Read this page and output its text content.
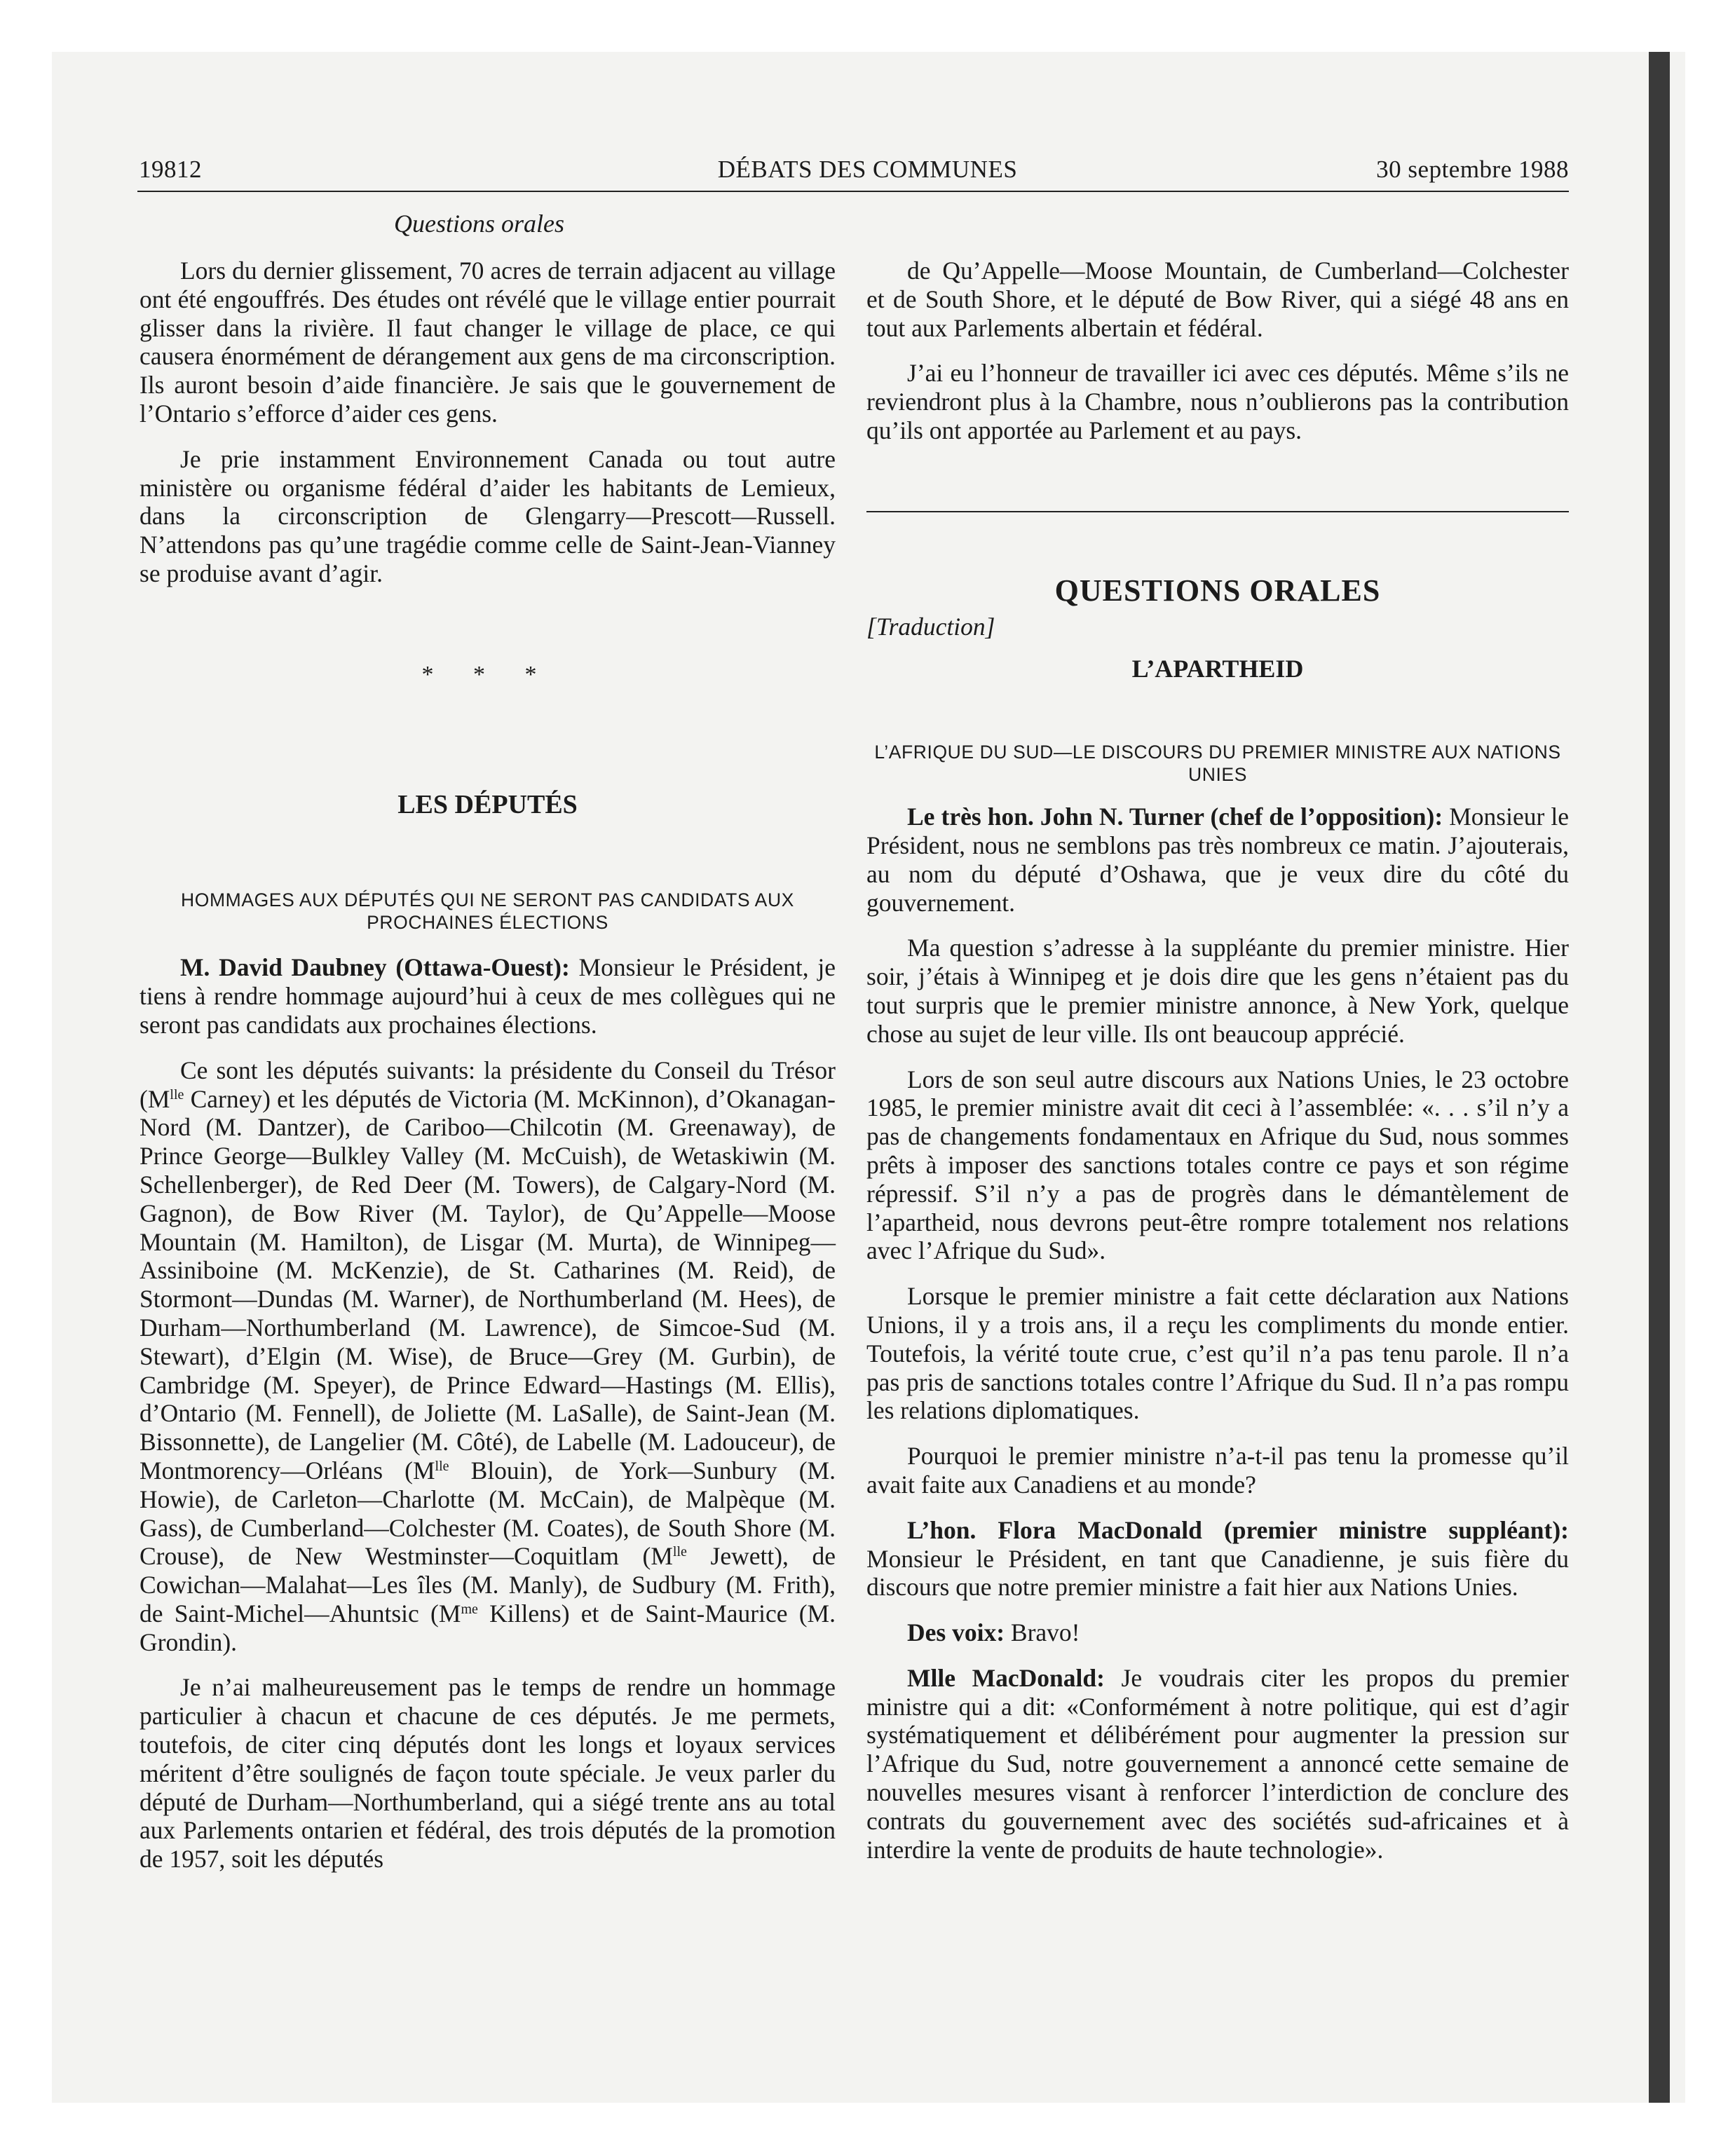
19812	DÉBATS DES COMMUNES	30 septembre 1988
Questions orales

Lors du dernier glissement, 70 acres de terrain adjacent au village ont été engouffrés. Des études ont révélé que le village entier pourrait glisser dans la rivière. Il faut changer le village de place, ce qui causera énormément de dérangement aux gens de ma circonscription. Ils auront besoin d’aide financière. Je sais que le gouvernement de l’Ontario s’efforce d’aider ces gens.

Je prie instamment Environnement Canada ou tout autre ministère ou organisme fédéral d’aider les habitants de Lemieux, dans la circonscription de Glengarry—Prescott—Russell. N’attendons pas qu’une tragédie comme celle de Saint-Jean-Vianney se produise avant d’agir.

* * *

LES DÉPUTÉS

HOMMAGES AUX DÉPUTÉS QUI NE SERONT PAS CANDIDATS AUX PROCHAINES ÉLECTIONS

M. David Daubney (Ottawa-Ouest): Monsieur le Président, je tiens à rendre hommage aujourd’hui à ceux de mes collègues qui ne seront pas candidats aux prochaines élections.

Ce sont les députés suivants: la présidente du Conseil du Trésor ($M^{lle}$ Carney) et les députés de Victoria (M. McKinnon), d’Okanagan-Nord (M. Dantzer), de Cariboo—Chilcotin (M. Greenaway), de Prince George—Bulkley Valley (M. McCuish), de Wetaskiwin (M. Schellenberger), de Red Deer (M. Towers), de Calgary-Nord (M. Gagnon), de Bow River (M. Taylor), de Qu’Appelle—Moose Mountain (M. Hamilton), de Lisgar (M. Murta), de Winnipeg—Assiniboine (M. McKenzie), de St. Catharines (M. Reid), de Stormont—Dundas (M. Warner), de Northumberland (M. Hees), de Durham—Northumberland (M. Lawrence), de Simcoe-Sud (M. Stewart), d’Elgin (M. Wise), de Bruce—Grey (M. Gurbin), de Cambridge (M. Speyer), de Prince Edward—Hastings (M. Ellis), d’Ontario (M. Fennell), de Joliette (M. LaSalle), de Saint-Jean (M. Bissonnette), de Langelier (M. Côté), de Labelle (M. Ladouceur), de Montmorency—Orléans ($M^{lle}$ Blouin), de York—Sunbury (M. Howie), de Carleton—Charlotte (M. McCain), de Malpèque (M. Gass), de Cumberland—Colchester (M. Coates), de South Shore (M. Crouse), de New Westminster—Coquitlam ($M^{lle}$ Jewett), de Cowichan—Malahat—Les îles (M. Manly), de Sudbury (M. Frith), de Saint-Michel—Ahuntsic ($M^{me}$ Killens) et de Saint-Maurice (M. Grondin).

Je n’ai malheureusement pas le temps de rendre un hommage particulier à chacun et chacune de ces députés. Je me permets, toutefois, de citer cinq députés dont les longs et loyaux services méritent d’être soulignés de façon toute spéciale. Je veux parler du député de Durham—Northumberland, qui a siégé trente ans au total aux Parlements ontarien et fédéral, des trois députés de la promotion de 1957, soit les députés

de Qu’Appelle—Moose Mountain, de Cumberland—Colchester et de South Shore, et le député de Bow River, qui a siégé 48 ans en tout aux Parlements albertain et fédéral.

J’ai eu l’honneur de travailler ici avec ces députés. Même s’ils ne reviendront plus à la Chambre, nous n’oublierons pas la contribution qu’ils ont apportée au Parlement et au pays.

QUESTIONS ORALES

[Traduction]

L’APARTHEID

L’AFRIQUE DU SUD—LE DISCOURS DU PREMIER MINISTRE AUX NATIONS UNIES

Le très hon. John N. Turner (chef de l’opposition): Monsieur le Président, nous ne semblons pas très nombreux ce matin. J’ajouterais, au nom du député d’Oshawa, que je veux dire du côté du gouvernement.

Ma question s’adresse à la suppléante du premier ministre. Hier soir, j’étais à Winnipeg et je dois dire que les gens n’étaient pas du tout surpris que le premier ministre annonce, à New York, quelque chose au sujet de leur ville. Ils ont beaucoup apprécié.

Lors de son seul autre discours aux Nations Unies, le 23 octobre 1985, le premier ministre avait dit ceci à l’assemblée: «. . . s’il n’y a pas de changements fondamentaux en Afrique du Sud, nous sommes prêts à imposer des sanctions totales contre ce pays et son régime répressif. S’il n’y a pas de progrès dans le démantèlement de l’apartheid, nous devrons peut-être rompre totalement nos relations avec l’Afrique du Sud».

Lorsque le premier ministre a fait cette déclaration aux Nations Unions, il y a trois ans, il a reçu les compliments du monde entier. Toutefois, la vérité toute crue, c’est qu’il n’a pas tenu parole. Il n’a pas pris de sanctions totales contre l’Afrique du Sud. Il n’a pas rompu les relations diplomatiques.

Pourquoi le premier ministre n’a-t-il pas tenu la promesse qu’il avait faite aux Canadiens et au monde?

L’hon. Flora MacDonald (premier ministre suppléant): Monsieur le Président, en tant que Canadienne, je suis fière du discours que notre premier ministre a fait hier aux Nations Unies.

Des voix: Bravo!

Mlle MacDonald: Je voudrais citer les propos du premier ministre qui a dit: «Conformément à notre politique, qui est d’agir systématiquement et délibérément pour augmenter la pression sur l’Afrique du Sud, notre gouvernement a annoncé cette semaine de nouvelles mesures visant à renforcer l’interdiction de conclure des contrats du gouvernement avec des sociétés sud-africaines et à interdire la vente de produits de haute technologie».
